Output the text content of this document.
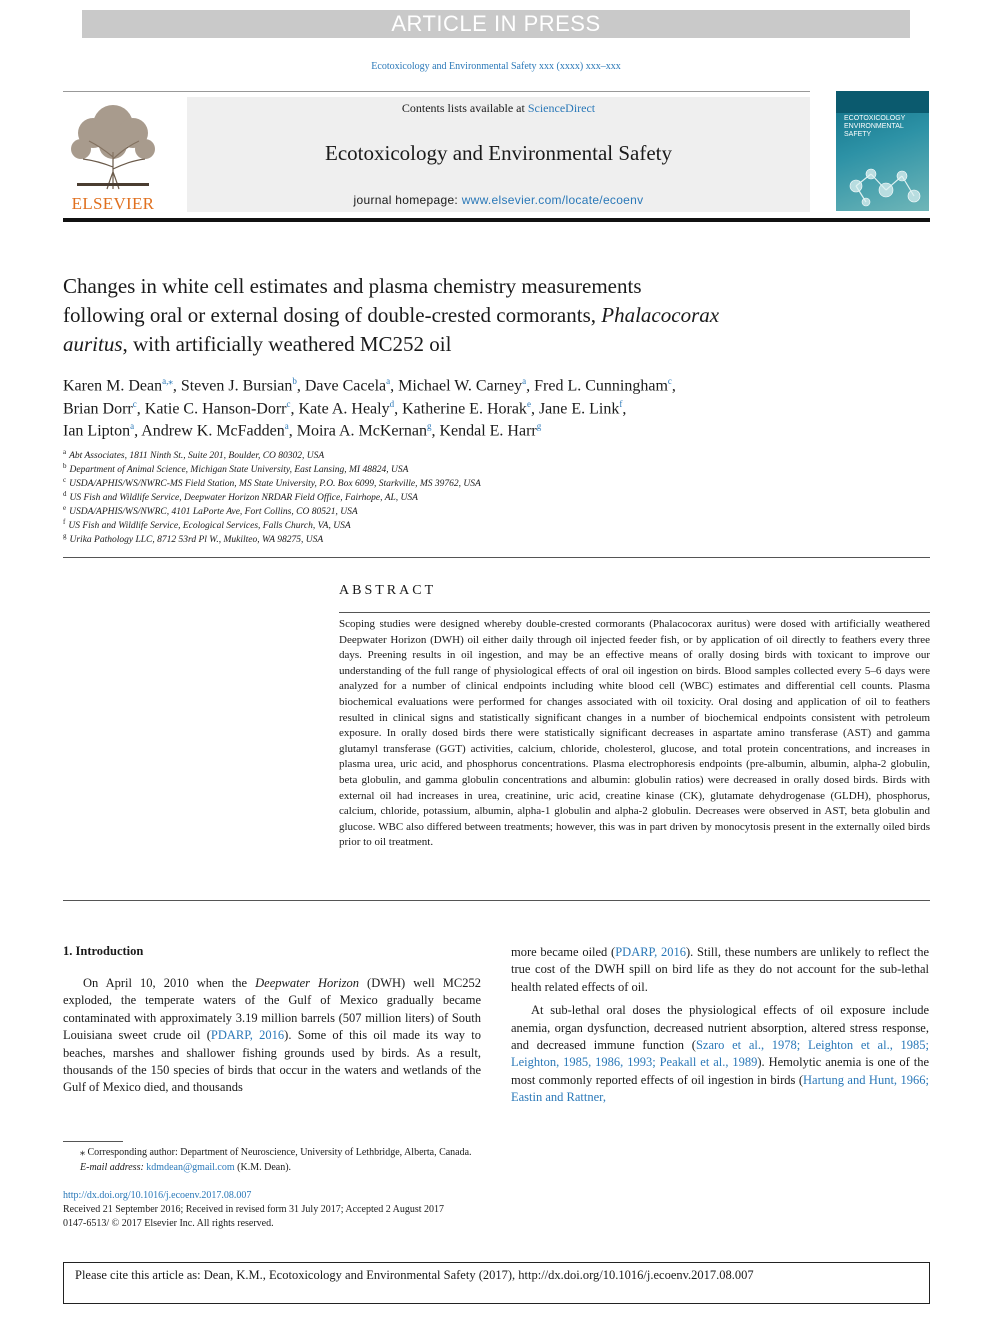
ARTICLE IN PRESS
Ecotoxicology and Environmental Safety xxx (xxxx) xxx–xxx
ELSEVIER
Contents lists available at ScienceDirect
Ecotoxicology and Environmental Safety
journal homepage: www.elsevier.com/locate/ecoenv
ECOTOXICOLOGY
ENVIRONMENTAL
SAFETY
Changes in white cell estimates and plasma chemistry measurements
following oral or external dosing of double-crested cormorants, Phalacocorax
auritus, with artificially weathered MC252 oil
Karen M. Dean$^{a,⁎}$, Steven J. Bursian$^b$, Dave Cacela$^a$, Michael W. Carney$^a$, Fred L. Cunningham$^c$,
Brian Dorr$^c$, Katie C. Hanson-Dorr$^c$, Kate A. Healy$^d$, Katherine E. Horak$^e$, Jane E. Link$^f$,
Ian Lipton$^a$, Andrew K. McFadden$^a$, Moira A. McKernan$^g$, Kendal E. Harr$^g$
$^a$ Abt Associates, 1811 Ninth St., Suite 201, Boulder, CO 80302, USA
$^b$ Department of Animal Science, Michigan State University, East Lansing, MI 48824, USA
$^c$ USDA/APHIS/WS/NWRC-MS Field Station, MS State University, P.O. Box 6099, Starkville, MS 39762, USA
$^d$ US Fish and Wildlife Service, Deepwater Horizon NRDAR Field Office, Fairhope, AL, USA
$^e$ USDA/APHIS/WS/NWRC, 4101 LaPorte Ave, Fort Collins, CO 80521, USA
$^f$ US Fish and Wildlife Service, Ecological Services, Falls Church, VA, USA
$^g$ Urika Pathology LLC, 8712 53rd Pl W., Mukilteo, WA 98275, USA
ABSTRACT
Scoping studies were designed whereby double-crested cormorants (Phalacocorax auritus) were dosed with artificially weathered Deepwater Horizon (DWH) oil either daily through oil injected feeder fish, or by application of oil directly to feathers every three days. Preening results in oil ingestion, and may be an effective means of orally dosing birds with toxicant to improve our understanding of the full range of physiological effects of oral oil ingestion on birds. Blood samples collected every 5–6 days were analyzed for a number of clinical endpoints including white blood cell (WBC) estimates and differential cell counts. Plasma biochemical evaluations were performed for changes associated with oil toxicity. Oral dosing and application of oil to feathers resulted in clinical signs and statistically significant changes in a number of biochemical endpoints consistent with petroleum exposure. In orally dosed birds there were statistically significant decreases in aspartate amino transferase (AST) and gamma glutamyl transferase (GGT) activities, calcium, chloride, cholesterol, glucose, and total protein concentrations, and increases in plasma urea, uric acid, and phosphorus concentrations. Plasma electrophoresis endpoints (pre-albumin, albumin, alpha-2 globulin, beta globulin, and gamma globulin concentrations and albumin: globulin ratios) were decreased in orally dosed birds. Birds with external oil had increases in urea, creatinine, uric acid, creatine kinase (CK), glutamate dehydrogenase (GLDH), phosphorus, calcium, chloride, potassium, albumin, alpha-1 globulin and alpha-2 globulin. Decreases were observed in AST, beta globulin and glucose. WBC also differed between treatments; however, this was in part driven by monocytosis present in the externally oiled birds prior to oil treatment.
1. Introduction

On April 10, 2010 when the Deepwater Horizon (DWH) well MC252 exploded, the temperate waters of the Gulf of Mexico gradually became contaminated with approximately 3.19 million barrels (507 million liters) of South Louisiana sweet crude oil (PDARP, 2016). Some of this oil made its way to beaches, marshes and shallower fishing grounds used by birds. As a result, thousands of the 150 species of birds that occur in the waters and wetlands of the Gulf of Mexico died, and thousands

more became oiled (PDARP, 2016). Still, these numbers are unlikely to reflect the true cost of the DWH spill on bird life as they do not account for the sub-lethal health related effects of oil.

At sub-lethal oral doses the physiological effects of oil exposure include anemia, organ dysfunction, decreased nutrient absorption, altered stress response, and decreased immune function (Szaro et al., 1978; Leighton et al., 1985; Leighton, 1985, 1986, 1993; Peakall et al., 1989). Hemolytic anemia is one of the most commonly reported effects of oil ingestion in birds (Hartung and Hunt, 1966; Eastin and Rattner,

⁎ Corresponding author: Department of Neuroscience, University of Lethbridge, Alberta, Canada.
E-mail address: kdmdean@gmail.com (K.M. Dean).
http://dx.doi.org/10.1016/j.ecoenv.2017.08.007
Received 21 September 2016; Received in revised form 31 July 2017; Accepted 2 August 2017
0147-6513/ © 2017 Elsevier Inc. All rights reserved.
Please cite this article as: Dean, K.M., Ecotoxicology and Environmental Safety (2017), http://dx.doi.org/10.1016/j.ecoenv.2017.08.007
